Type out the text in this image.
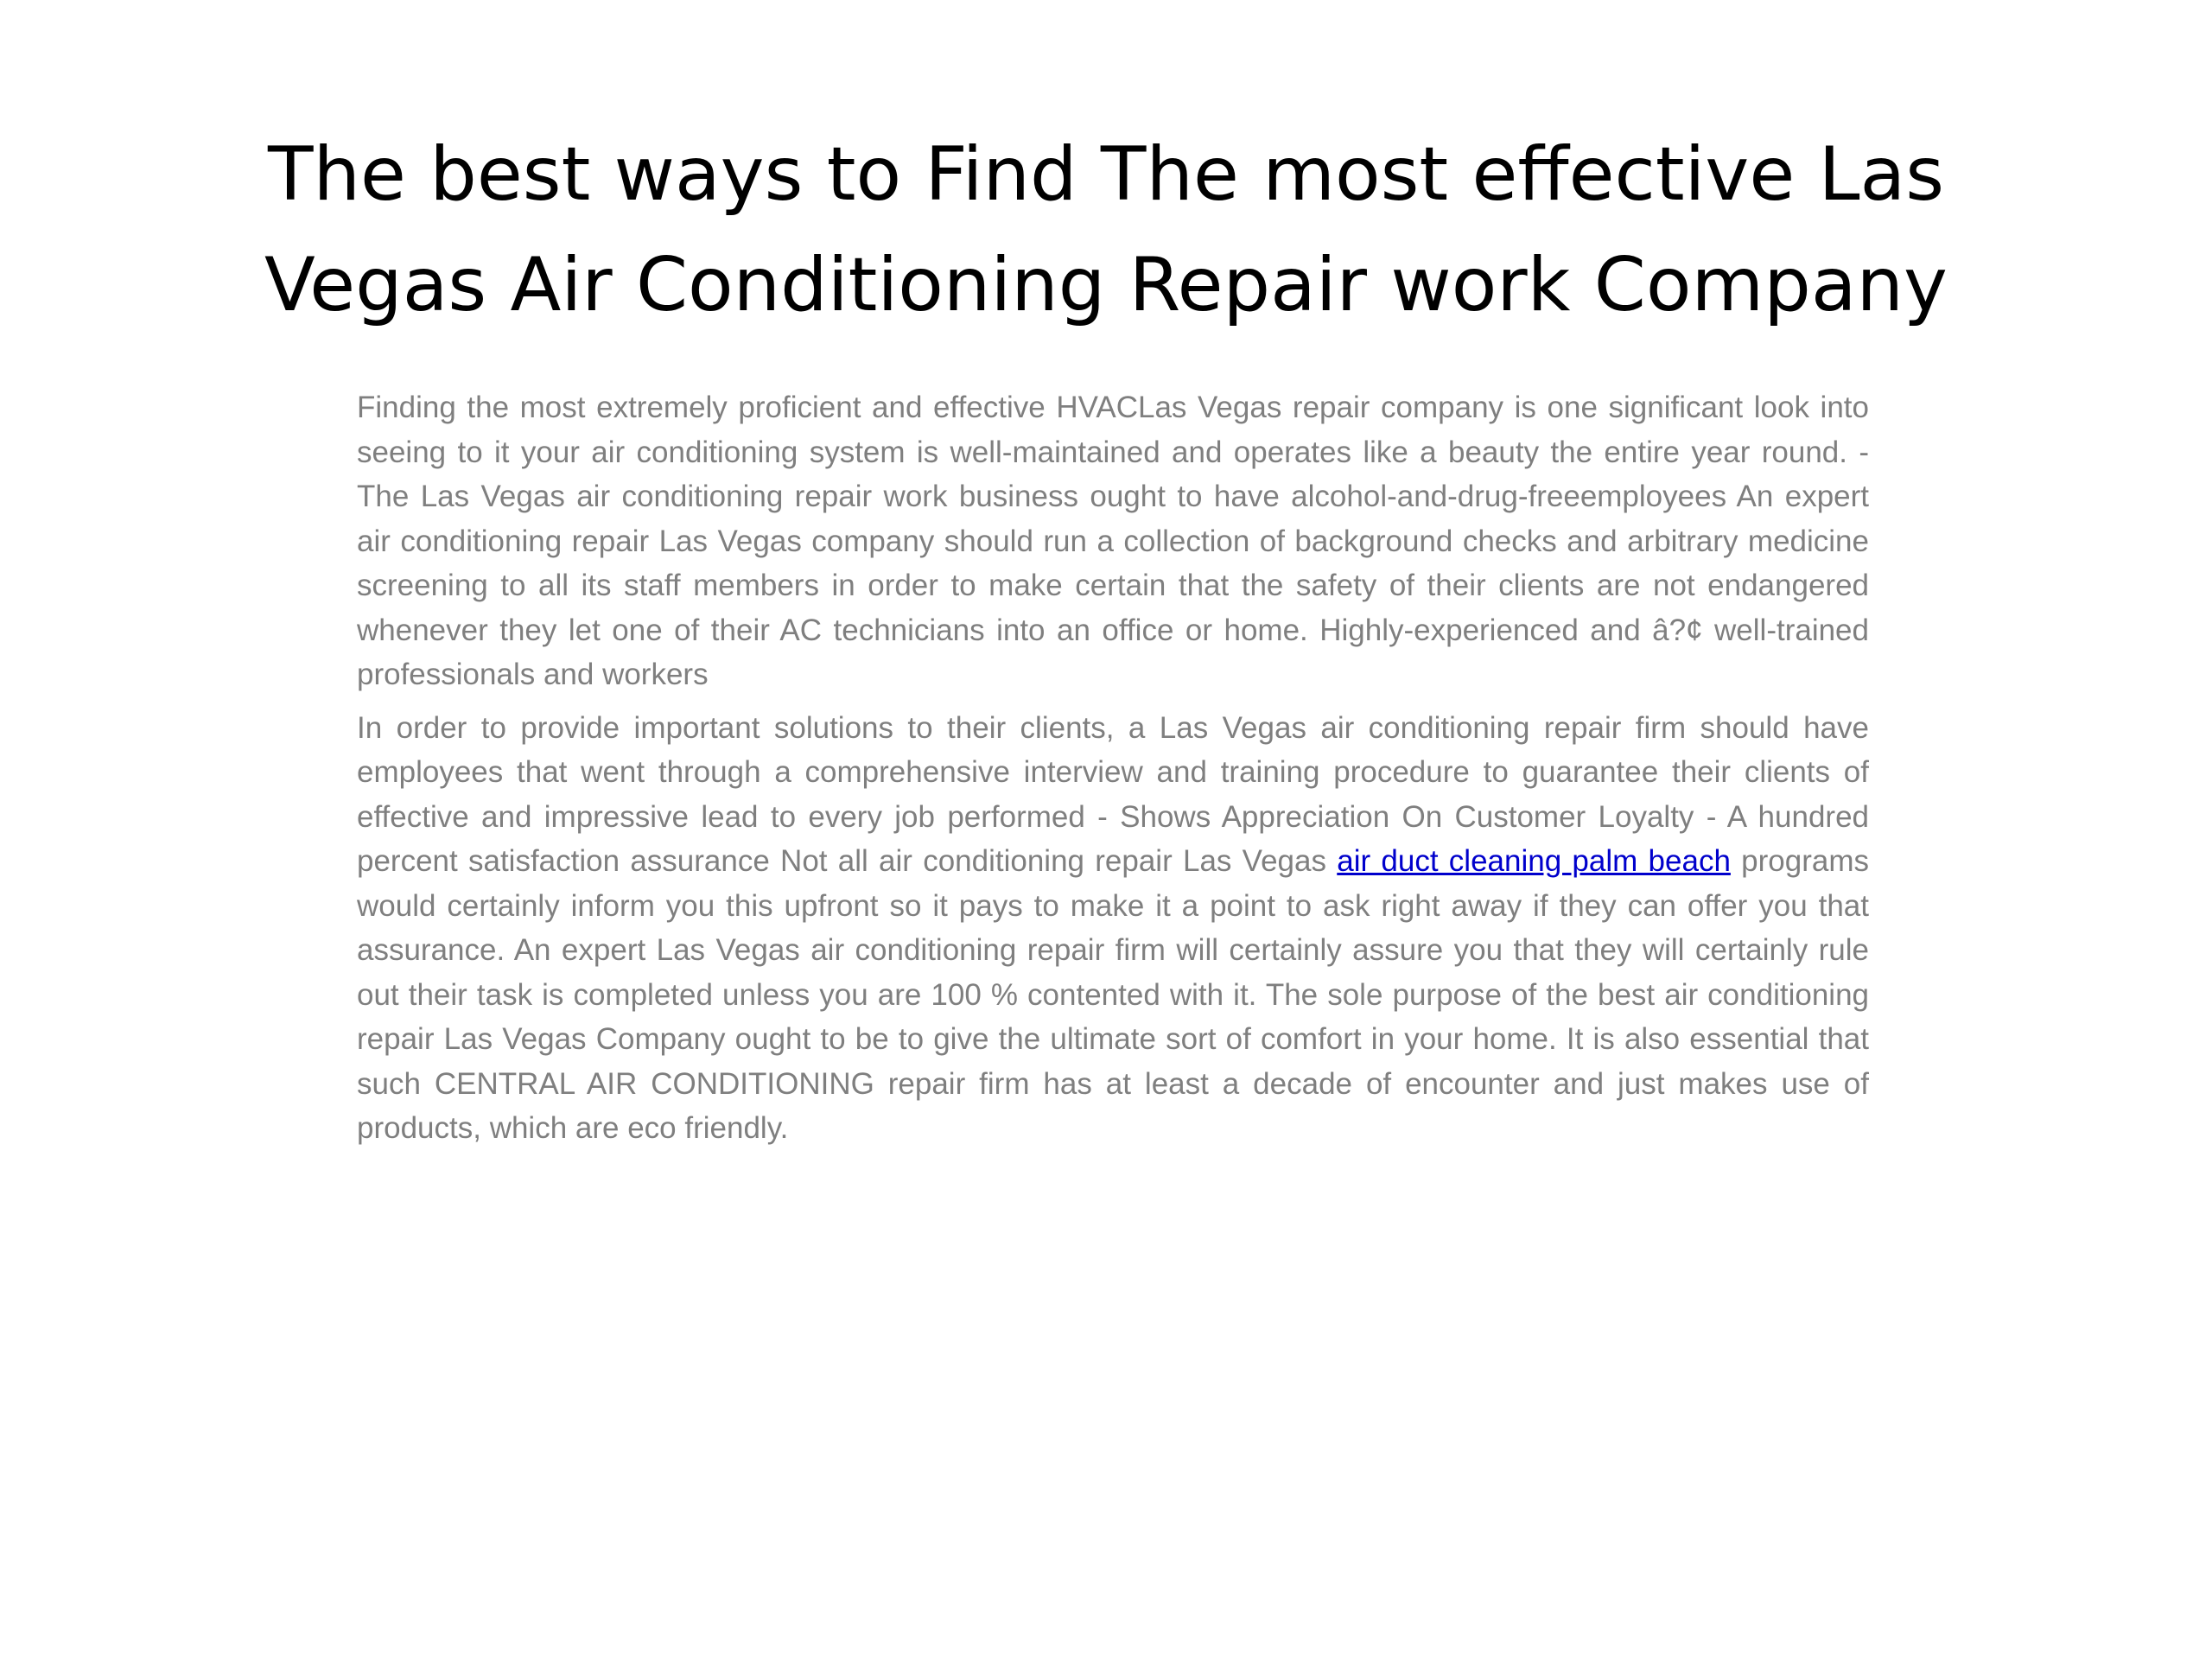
The best ways to Find The most effective Las Vegas Air Conditioning Repair work Company

Finding the most extremely proficient and effective HVACLas Vegas repair company is one significant look into seeing to it your air conditioning system is well-maintained and operates like a beauty the entire year round. - The Las Vegas air conditioning repair work business ought to have alcohol-and-drug-freeemployees An expert air conditioning repair Las Vegas company should run a collection of background checks and arbitrary medicine screening to all its staff members in order to make certain that the safety of their clients are not endangered whenever they let one of their AC technicians into an office or home. Highly-experienced and â?¢ well-trained professionals and workers

In order to provide important solutions to their clients, a Las Vegas air conditioning repair firm should have employees that went through a comprehensive interview and training procedure to guarantee their clients of effective and impressive lead to every job performed - Shows Appreciation On Customer Loyalty - A hundred percent satisfaction assurance Not all air conditioning repair Las Vegas air duct cleaning palm beach programs would certainly inform you this upfront so it pays to make it a point to ask right away if they can offer you that assurance. An expert Las Vegas air conditioning repair firm will certainly assure you that they will certainly rule out their task is completed unless you are 100 % contented with it. The sole purpose of the best air conditioning repair Las Vegas Company ought to be to give the ultimate sort of comfort in your home. It is also essential that such CENTRAL AIR CONDITIONING repair firm has at least a decade of encounter and just makes use of products, which are eco friendly.
